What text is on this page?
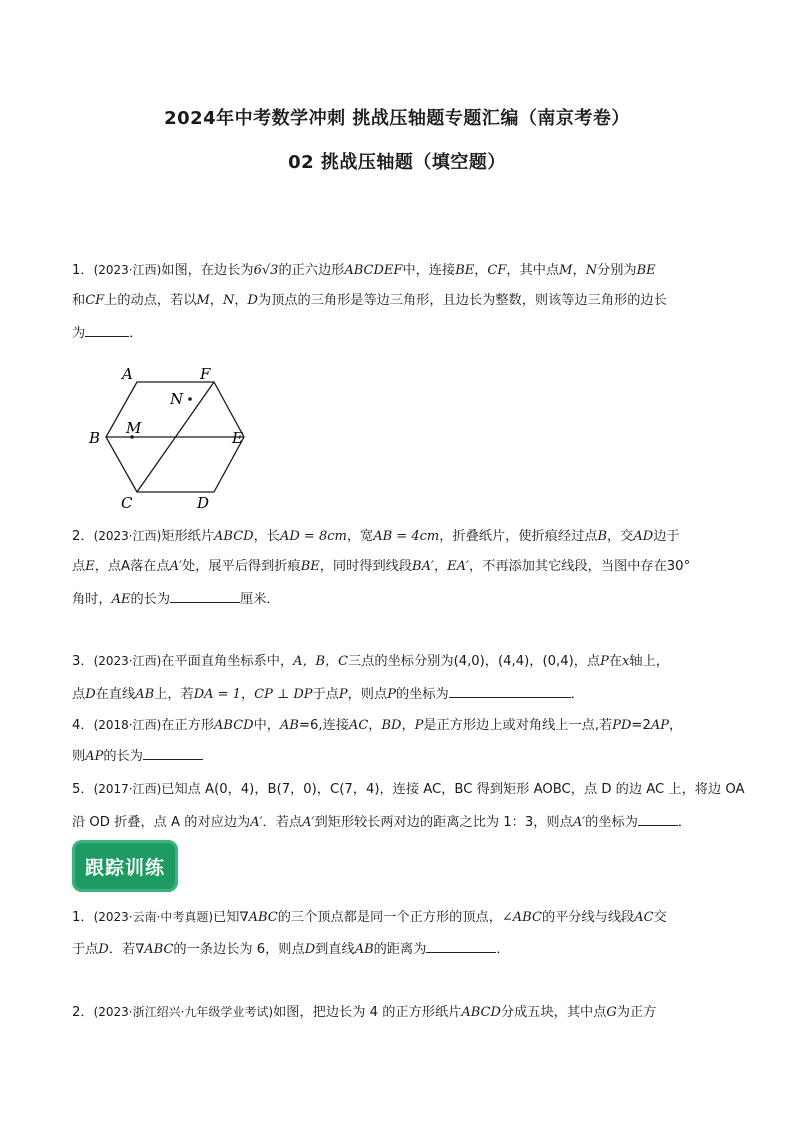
2024年中考数学冲刺 挑战压轴题专题汇编（南京考卷）
02 挑战压轴题（填空题）
1．(2023·江西)如图，在边长为6√3的正六边形ABCDEF中，连接BE，CF，其中点M，N分别为BE
和CF上的动点，若以M，N，D为顶点的三角形是等边三角形，且边长为整数，则该等边三角形的边长
为	．
A	F
N
M
B	E
C	D
2．(2023·江西)矩形纸片ABCD，长AD = 8cm，宽AB = 4cm，折叠纸片，使折痕经过点B，交AD边于
点E，点A落在点A′处，展平后得到折痕BE，同时得到线段BA′，EA′，不再添加其它线段，当图中存在30°
角时，AE的长为	厘米．
3．(2023·江西)在平面直角坐标系中，A，B，C三点的坐标分别为(4,0)，(4,4)，(0,4)，点P在x轴上，
点D在直线AB上，若DA = 1，CP ⊥ DP于点P，则点P的坐标为	．
4．(2018·江西)在正方形ABCD中，AB=6,连接AC，BD，P是正方形边上或对角线上一点,若PD=2AP，
则AP的长为
5．(2017·江西)已知点 A(0，4)，B(7，0)，C(7，4)，连接 AC，BC 得到矩形 AOBC，点 D 的边 AC 上，将边 OA
沿 OD 折叠，点 A 的对应边为A′．若点A′到矩形较长两对边的距离之比为 1：3，则点A′的坐标为	．
跟踪训练
1．(2023·云南·中考真题)已知∇ABC的三个顶点都是同一个正方形的顶点，∠ABC的平分线与线段AC交
于点D．若∇ABC的一条边长为 6，则点D到直线AB的距离为	．
2．(2023·浙江绍兴·九年级学业考试)如图，把边长为 4 的正方形纸片ABCD分成五块，其中点G为正方
